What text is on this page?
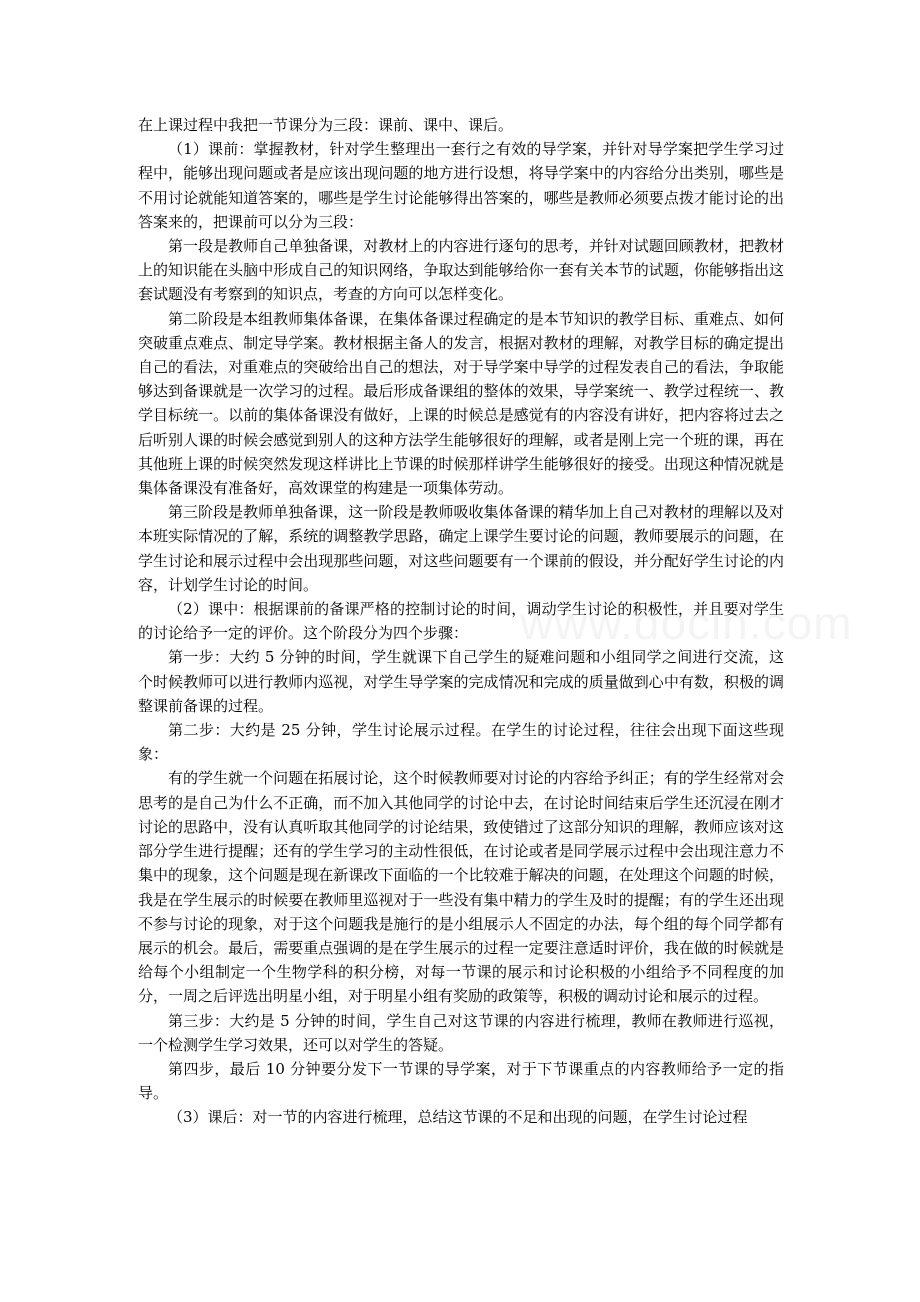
在上课过程中我把一节课分为三段：课前、课中、课后。

（1）课前：掌握教材，针对学生整理出一套行之有效的导学案，并针对导学案把学生学习过程中，能够出现问题或者是应该出现问题的地方进行设想，将导学案中的内容给分出类别，哪些是不用讨论就能知道答案的，哪些是学生讨论能够得出答案的，哪些是教师必须要点拨才能讨论的出答案来的，把课前可以分为三段：

第一段是教师自己单独备课，对教材上的内容进行逐句的思考，并针对试题回顾教材，把教材上的知识能在头脑中形成自己的知识网络，争取达到能够给你一套有关本节的试题，你能够指出这套试题没有考察到的知识点，考查的方向可以怎样变化。

第二阶段是本组教师集体备课，在集体备课过程确定的是本节知识的教学目标、重难点、如何突破重点难点、制定导学案。教材根据主备人的发言，根据对教材的理解，对教学目标的确定提出自己的看法，对重难点的突破给出自己的想法，对于导学案中导学的过程发表自己的看法，争取能够达到备课就是一次学习的过程。最后形成备课组的整体的效果，导学案统一、教学过程统一、教学目标统一。以前的集体备课没有做好，上课的时候总是感觉有的内容没有讲好，把内容将过去之后听别人课的时候会感觉到别人的这种方法学生能够很好的理解，或者是刚上完一个班的课，再在其他班上课的时候突然发现这样讲比上节课的时候那样讲学生能够很好的接受。出现这种情况就是集体备课没有准备好，高效课堂的构建是一项集体劳动。

第三阶段是教师单独备课，这一阶段是教师吸收集体备课的精华加上自己对教材的理解以及对本班实际情况的了解，系统的调整教学思路，确定上课学生要讨论的问题，教师要展示的问题，在学生讨论和展示过程中会出现那些问题，对这些问题要有一个课前的假设，并分配好学生讨论的内容，计划学生讨论的时间。

（2）课中：根据课前的备课严格的控制讨论的时间，调动学生讨论的积极性，并且要对学生的讨论给予一定的评价。这个阶段分为四个步骤：

第一步：大约 5 分钟的时间，学生就课下自己学生的疑难问题和小组同学之间进行交流，这个时候教师可以进行教师内巡视，对学生导学案的完成情况和完成的质量做到心中有数，积极的调整课前备课的过程。

第二步：大约是 25 分钟，学生讨论展示过程。在学生的讨论过程，往往会出现下面这些现象：

有的学生就一个问题在拓展讨论，这个时候教师要对讨论的内容给予纠正；有的学生经常对会思考的是自己为什么不正确，而不加入其他同学的讨论中去，在讨论时间结束后学生还沉浸在刚才讨论的思路中，没有认真听取其他同学的讨论结果，致使错过了这部分知识的理解，教师应该对这部分学生进行提醒；还有的学生学习的主动性很低，在讨论或者是同学展示过程中会出现注意力不集中的现象，这个问题是现在新课改下面临的一个比较难于解决的问题，在处理这个问题的时候，我是在学生展示的时候要在教师里巡视对于一些没有集中精力的学生及时的提醒；有的学生还出现不参与讨论的现象，对于这个问题我是施行的是小组展示人不固定的办法，每个组的每个同学都有展示的机会。最后，需要重点强调的是在学生展示的过程一定要注意适时评价，我在做的时候就是给每个小组制定一个生物学科的积分榜，对每一节课的展示和讨论积极的小组给予不同程度的加分，一周之后评选出明星小组，对于明星小组有奖励的政策等，积极的调动讨论和展示的过程。

第三步：大约是 5 分钟的时间，学生自己对这节课的内容进行梳理，教师在教师进行巡视，一个检测学生学习效果，还可以对学生的答疑。

第四步，最后 10 分钟要分发下一节课的导学案，对于下节课重点的内容教师给予一定的指导。

（3）课后：对一节的内容进行梳理，总结这节课的不足和出现的问题，在学生讨论过程
